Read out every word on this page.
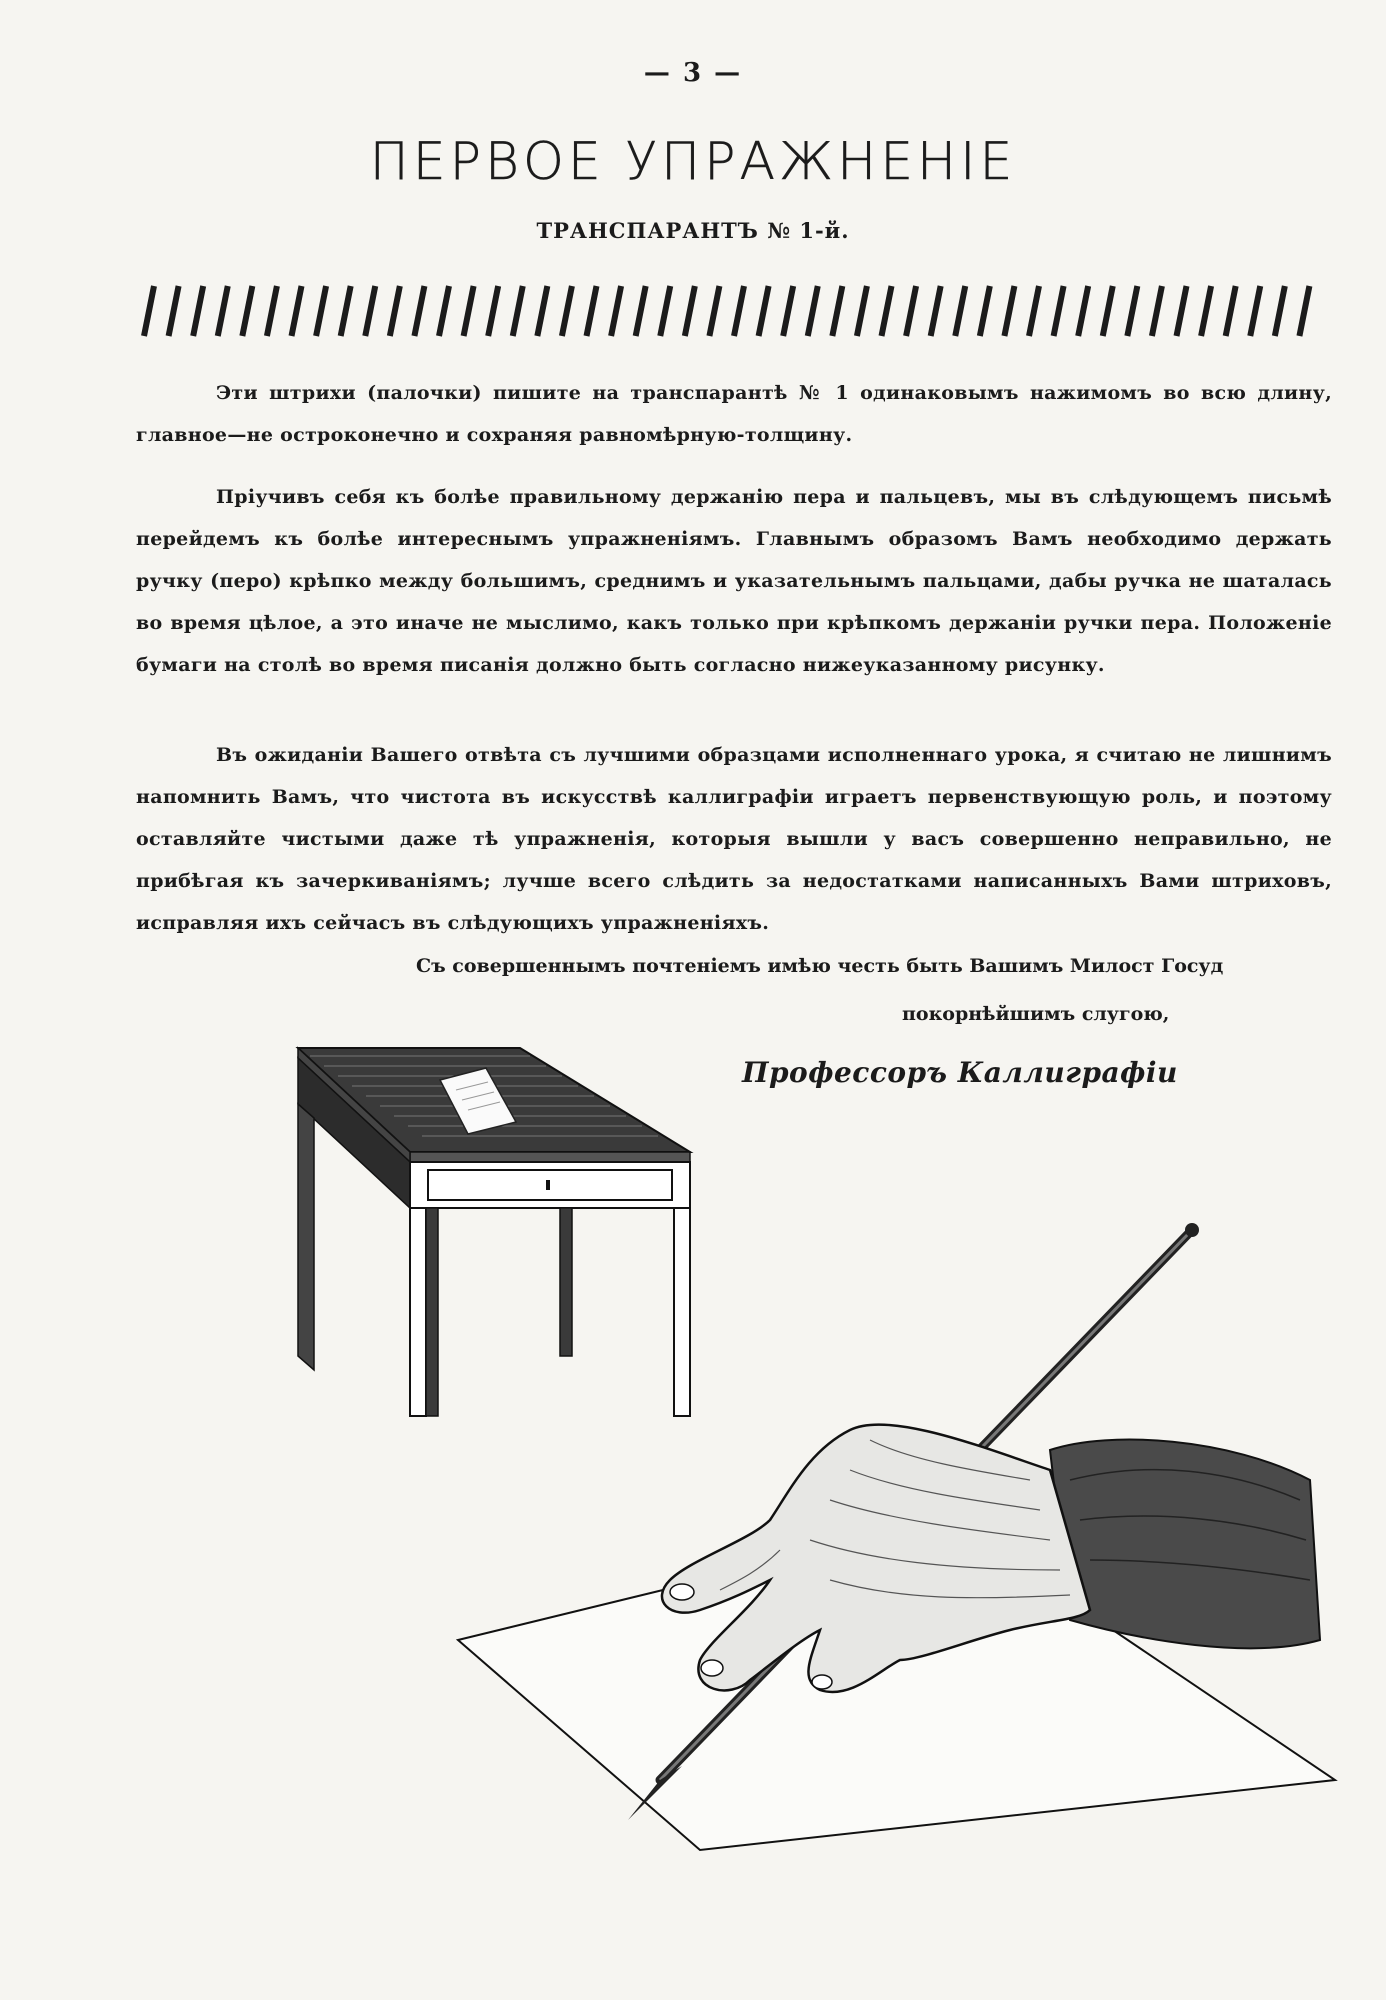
— 3 —
ПЕРВОЕ УПРАЖНЕНІЕ
ТРАНСПАРАНТЪ № 1-й.
Эти штрихи (палочки) пишите на транспарантѣ № 1 одинаковымъ нажимомъ во всю длину, главное—не остроконечно и сохраняя равномѣрную-толщину.
Пріучивъ себя къ болѣе правильному держанію пера и пальцевъ, мы въ слѣдующемъ письмѣ перейдемъ къ болѣе интереснымъ упражненіямъ. Главнымъ образомъ Вамъ необходимо держать ручку (перо) крѣпко между большимъ, среднимъ и указательнымъ пальцами, дабы ручка не шаталась во время цѣлое, а это иначе не мыслимо, какъ только при крѣпкомъ держаніи ручки пера. Положеніе бумаги на столѣ во время писанія должно быть согласно нижеуказанному рисунку.
Въ ожиданіи Вашего отвѣта съ лучшими образцами исполненнаго урока, я считаю не лишнимъ напомнить Вамъ, что чистота въ искусствѣ каллиграфіи играетъ первенствующую роль, и поэтому оставляйте чистыми даже тѣ упражненія, которыя вышли у васъ совершенно неправильно, не прибѣгая къ зачеркиваніямъ; лучше всего слѣдить за недостатками написанныхъ Вами штриховъ, исправляя ихъ сейчасъ въ слѣдующихъ упражненіяхъ.
Съ совершеннымъ почтеніемъ имѣю честь быть Вашимъ Милост Госуд
покорнѣйшимъ слугою,
Профессоръ Каллиграфіи
